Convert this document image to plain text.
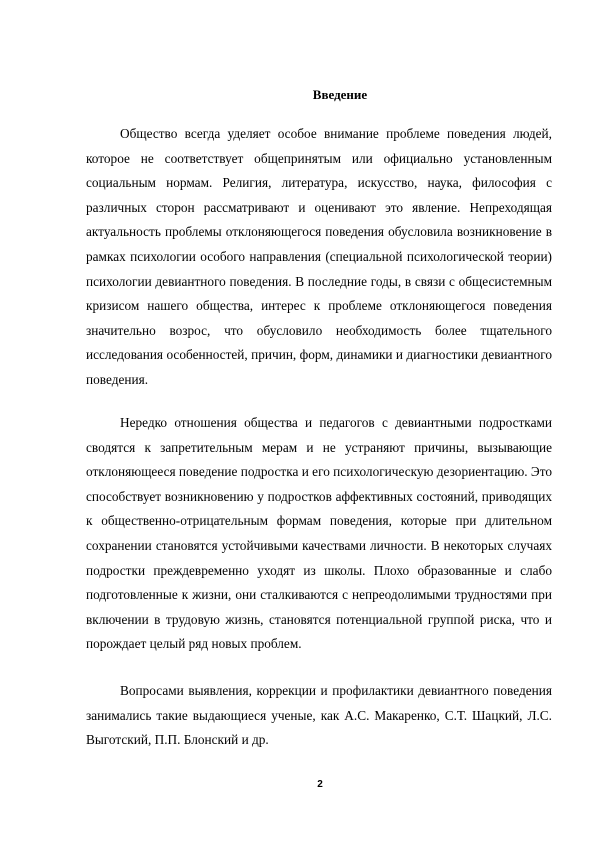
Введение

Общество всегда уделяет особое внимание проблеме поведения людей, которое не соответствует общепринятым или официально установленным социальным нормам. Религия, литература, искусство, наука, философия с различных сторон рассматривают и оценивают это явление. Непреходящая актуальность проблемы отклоняющегося поведения обусловила возникновение в рамках психологии особого направления (специальной психологической теории) психологии девиантного поведения. В последние годы, в связи с общесистемным кризисом нашего общества, интерес к проблеме отклоняющегося поведения значительно возрос, что обусловило необходимость более тщательного исследования особенностей, причин, форм, динамики и диагностики девиантного поведения.

Нередко отношения общества и педагогов с девиантными подростками сводятся к запретительным мерам и не устраняют причины, вызывающие отклоняющееся поведение подростка и его психологическую дезориентацию. Это способствует возникновению у подростков аффективных состояний, приводящих к общественно-отрицательным формам поведения, которые при длительном сохранении становятся устойчивыми качествами личности. В некоторых случаях подростки преждевременно уходят из школы. Плохо образованные и слабо подготовленные к жизни, они сталкиваются с непреодолимыми трудностями при включении в трудовую жизнь, становятся потенциальной группой риска, что и порождает целый ряд новых проблем.

Вопросами выявления, коррекции и профилактики девиантного поведения занимались такие выдающиеся ученые, как А.С. Макаренко, С.Т. Шацкий, Л.С. Выготский, П.П. Блонский и др.

2
